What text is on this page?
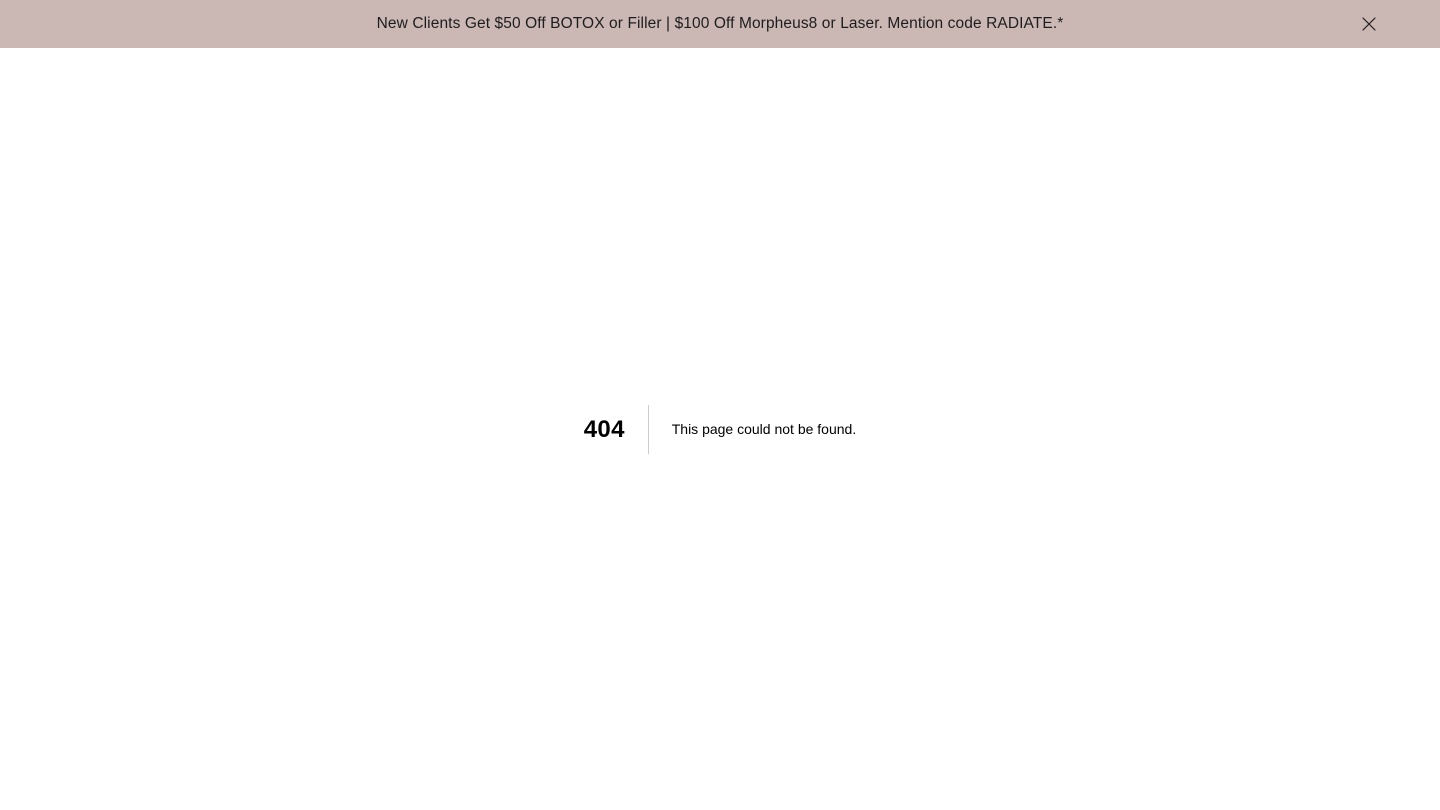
New Clients Get $50 Off BOTOX or Filler | $100 Off Morpheus8 or Laser. Mention code RADIATE.*
404	This page could not be found.
